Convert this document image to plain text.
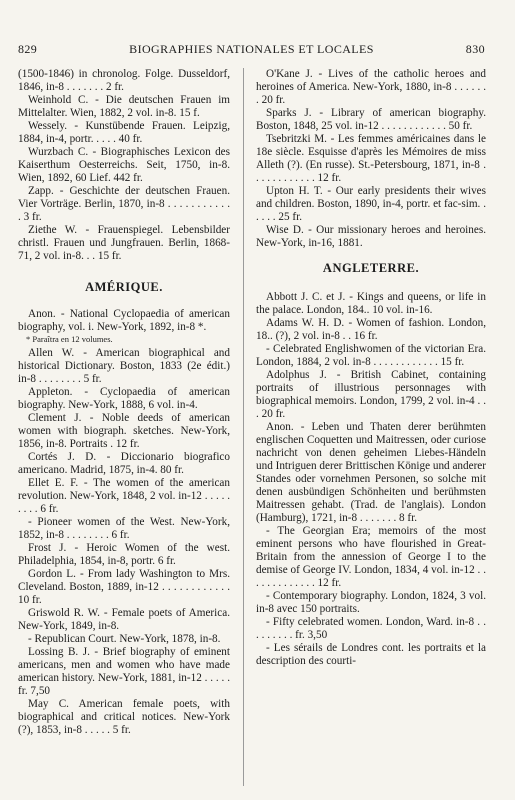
829	BIOGRAPHIES NATIONALES ET LOCALES	830

(1500-1846) in chronolog. Folge. Dusseldorf, 1846, in-8 . . . . . . . 2 fr.

Weinhold C. - Die deutschen Frauen im Mittelalter. Wien, 1882, 2 vol. in-8. 15 f.

Wessely. - Kunstübende Frauen. Leipzig, 1884, in-4, portr. . . . . 40 fr.

Wurzbach C. - Biographisches Lexicon des Kaiserthum Oesterreichs. Seit, 1750, in-8. Wien, 1892, 60 Lief. 442 fr.

Zapp. - Geschichte der deutschen Frauen. Vier Vorträge. Berlin, 1870, in-8 . . . . . . . . . . . . 3 fr.

Ziethe W. - Frauenspiegel. Lebensbilder christl. Frauen und Jungfrauen. Berlin, 1868-71, 2 vol. in-8. . . 15 fr.

AMÉRIQUE.

Anon. - National Cyclopaedia of american biography, vol. i. New-York, 1892, in-8 *.

* Paraîtra en 12 volumes.

Allen W. - American biographical and historical Dictionary. Boston, 1833 (2e édit.) in-8 . . . . . . . . 5 fr.

Appleton. - Cyclopaedia of american biography. New-York, 1888, 6 vol. in-4.

Clement J. - Noble deeds of american women with biograph. sketches. New-York, 1856, in-8. Portraits . 12 fr.

Cortés J. D. - Diccionario biografico americano. Madrid, 1875, in-4. 80 fr.

Ellet E. F. - The women of the american revolution. New-York, 1848, 2 vol. in-12 . . . . . . . . . 6 fr.

- Pioneer women of the West. New-York, 1852, in-8 . . . . . . . . 6 fr.

Frost J. - Heroic Women of the west. Philadelphia, 1854, in-8, portr. 6 fr.

Gordon L. - From lady Washington to Mrs. Cleveland. Boston, 1889, in-12 . . . . . . . . . . . . 10 fr.

Griswold R. W. - Female poets of America. New-York, 1849, in-8.

- Republican Court. New-York, 1878, in-8.

Lossing B. J. - Brief biography of eminent americans, men and women who have made american history. New-York, 1881, in-12 . . . . . fr. 7,50

May C. American female poets, with biographical and critical notices. New-York (?), 1853, in-8 . . . . . 5 fr.

O'Kane J. - Lives of the catholic heroes and heroines of America. New-York, 1880, in-8 . . . . . . . 20 fr.

Sparks J. - Library of american biography. Boston, 1848, 25 vol. in-12 . . . . . . . . . . . . 50 fr.

Tsebritzki M. - Les femmes américaines dans le 18e siècle. Esquisse d'après les Mémoires de miss Alleth (?). (En russe). St.-Petersbourg, 1871, in-8 . . . . . . . . . . . . 12 fr.

Upton H. T. - Our early presidents their wives and children. Boston, 1890, in-4, portr. et fac-sim. . . . . . 25 fr.

Wise D. - Our missionary heroes and heroines. New-York, in-16, 1881.

ANGLETERRE.

Abbott J. C. et J. - Kings and queens, or life in the palace. London, 184.. 10 vol. in-16.

Adams W. H. D. - Women of fashion. London, 18.. (?), 2 vol. in-8 . . 16 fr.

- Celebrated Englishwomen of the victorian Era. London, 1884, 2 vol. in-8 . . . . . . . . . . . . 15 fr.

Adolphus J. - British Cabinet, containing portraits of illustrious personnages with biographical memoirs. London, 1799, 2 vol. in-4 . . . 20 fr.

Anon. - Leben und Thaten derer berühmten englischen Coquetten und Maitressen, oder curiose nachricht von denen geheimen Liebes-Händeln und Intriguen derer Brittischen Könige und anderer Standes oder vornehmen Personen, so solche mit denen ausbündigen Schönheiten und berühmsten Maitressen gehabt. (Trad. de l'anglais). London (Hamburg), 1721, in-8 . . . . . . . 8 fr.

- The Georgian Era; memoirs of the most eminent persons who have flourished in Great-Britain from the annession of George I to the demise of George IV. London, 1834, 4 vol. in-12 . . . . . . . . . . . . . 12 fr.

- Contemporary biography. London, 1824, 3 vol. in-8 avec 150 portraits.

- Fifty celebrated women. London, Ward. in-8 . . . . . . . . . fr. 3,50

- Les sérails de Londres cont. les portraits et la description des courti-
